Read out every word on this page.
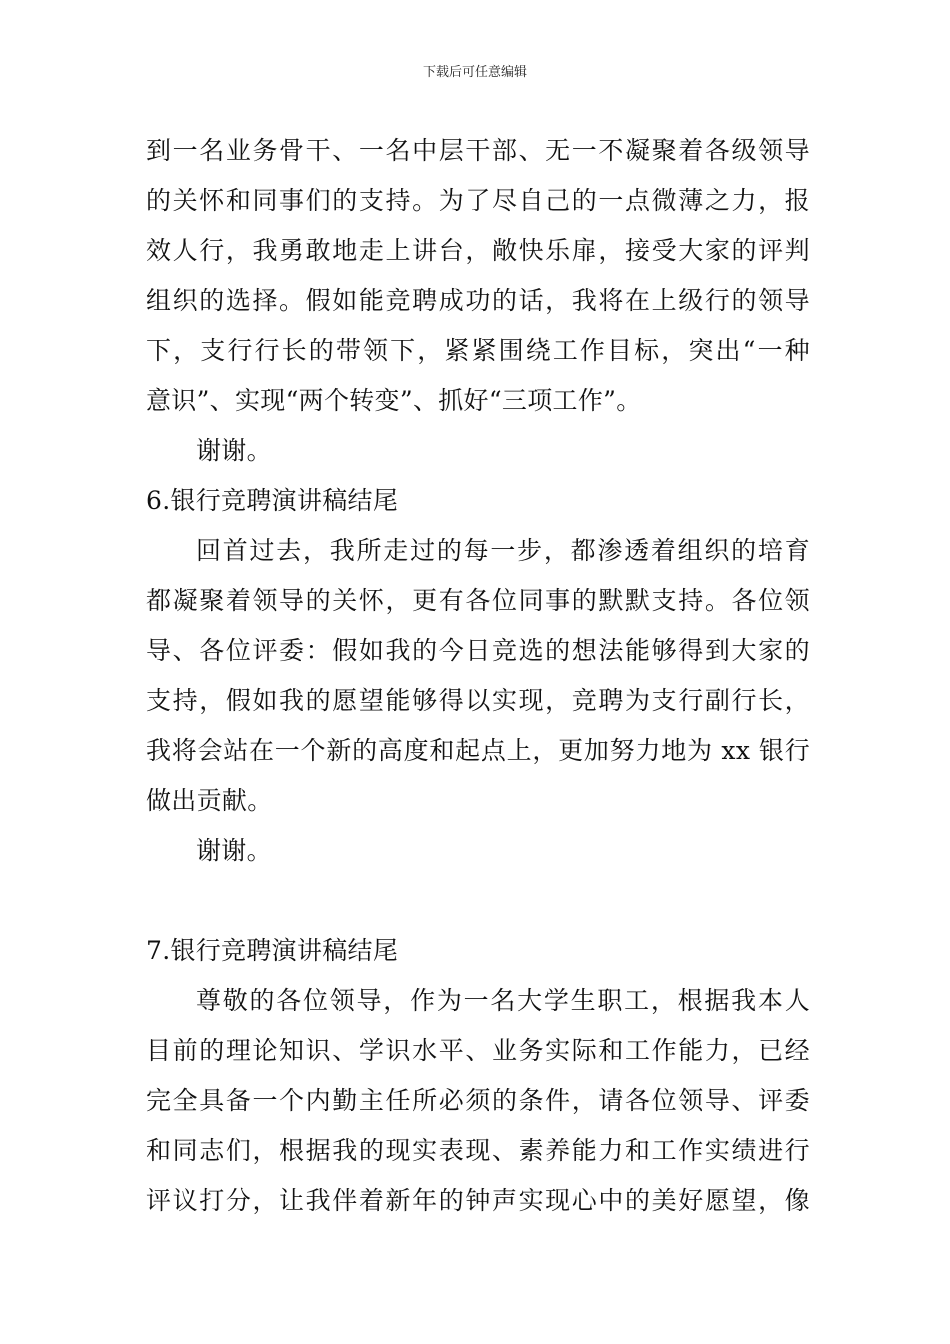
下载后可任意编辑

到一名业务骨干、一名中层干部、无一不凝聚着各级领导
的关怀和同事们的支持。为了尽自己的一点微薄之力，报
效人行，我勇敢地走上讲台，敞快乐扉，接受大家的评判
组织的选择。假如能竞聘成功的话，我将在上级行的领导
下，支行行长的带领下，紧紧围绕工作目标，突出“一种
意识”、实现“两个转变”、抓好“三项工作”。

谢谢。

6.银行竞聘演讲稿结尾

回首过去，我所走过的每一步，都渗透着组织的培育
都凝聚着领导的关怀，更有各位同事的默默支持。各位领
导、各位评委：假如我的今日竞选的想法能够得到大家的
支持，假如我的愿望能够得以实现，竞聘为支行副行长，
我将会站在一个新的高度和起点上，更加努力地为 xx 银行
做出贡献。

谢谢。

7.银行竞聘演讲稿结尾

尊敬的各位领导，作为一名大学生职工，根据我本人
目前的理论知识、学识水平、业务实际和工作能力，已经
完全具备一个内勤主任所必须的条件，请各位领导、评委
和同志们，根据我的现实表现、素养能力和工作实绩进行
评议打分，让我伴着新年的钟声实现心中的美好愿望，像
